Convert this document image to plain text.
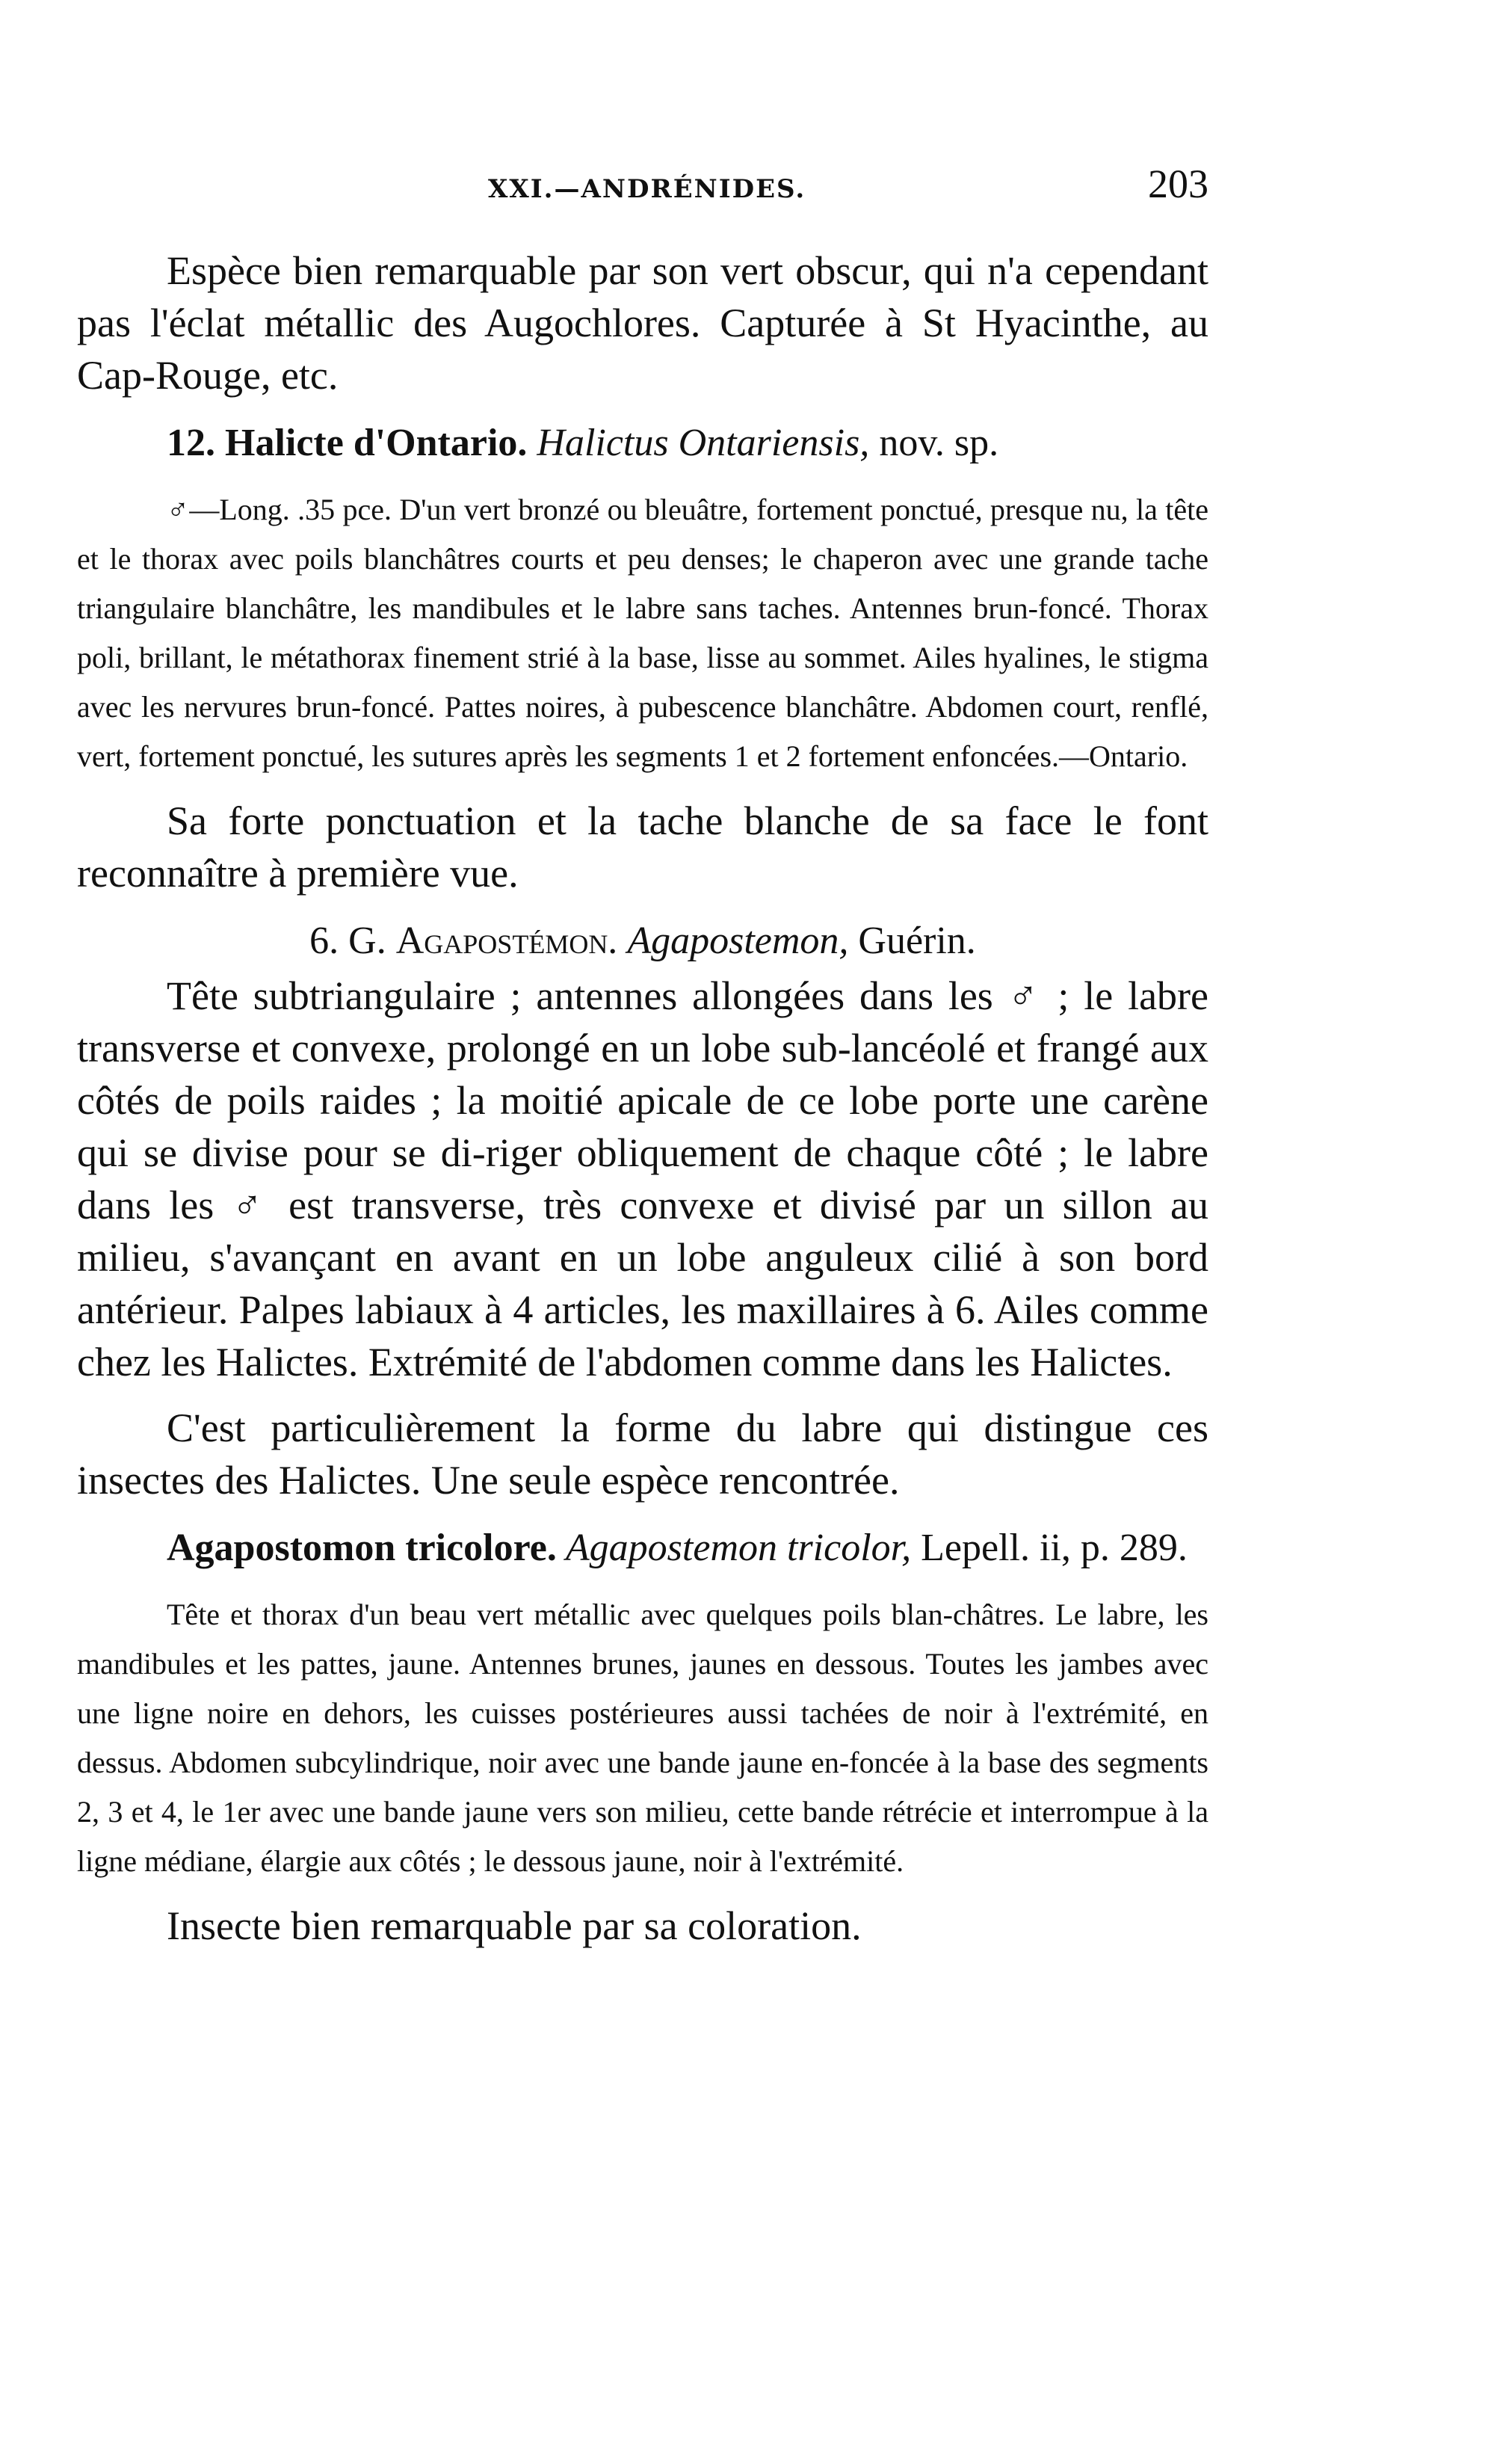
XXI.—ANDRÉNIDES.	203

Espèce bien remarquable par son vert obscur, qui n'a cependant pas l'éclat métallic des Augochlores. Capturée à St Hyacinthe, au Cap-Rouge, etc.

12. Halicte d'Ontario. Halictus Ontariensis, nov. sp.

♂—Long. .35 pce. D'un vert bronzé ou bleuâtre, fortement ponctué, presque nu, la tête et le thorax avec poils blanchâtres courts et peu denses; le chaperon avec une grande tache triangulaire blanchâtre, les mandibules et le labre sans taches. Antennes brun-foncé. Thorax poli, brillant, le métathorax finement strié à la base, lisse au sommet. Ailes hyalines, le stigma avec les nervures brun-foncé. Pattes noires, à pubescence blanchâtre. Abdomen court, renflé, vert, fortement ponctué, les sutures après les segments 1 et 2 fortement enfoncées.—Ontario.

Sa forte ponctuation et la tache blanche de sa face le font reconnaître à première vue.

6. G. Agapostémon. Agapostemon, Guérin.

Tête subtriangulaire ; antennes allongées dans les ♂ ; le labre transverse et convexe, prolongé en un lobe sub-lancéolé et frangé aux côtés de poils raides ; la moitié apicale de ce lobe porte une carène qui se divise pour se di-riger obliquement de chaque côté ; le labre dans les ♂ est transverse, très convexe et divisé par un sillon au milieu, s'avançant en avant en un lobe anguleux cilié à son bord antérieur. Palpes labiaux à 4 articles, les maxillaires à 6. Ailes comme chez les Halictes. Extrémité de l'abdomen comme dans les Halictes.

C'est particulièrement la forme du labre qui distingue ces insectes des Halictes. Une seule espèce rencontrée.

Agapostomon tricolore. Agapostemon tricolor, Lepell. ii, p. 289.

Tête et thorax d'un beau vert métallic avec quelques poils blan-châtres. Le labre, les mandibules et les pattes, jaune. Antennes brunes, jaunes en dessous. Toutes les jambes avec une ligne noire en dehors, les cuisses postérieures aussi tachées de noir à l'extrémité, en dessus. Abdomen subcylindrique, noir avec une bande jaune en-foncée à la base des segments 2, 3 et 4, le 1er avec une bande jaune vers son milieu, cette bande rétrécie et interrompue à la ligne médiane, élargie aux côtés ; le dessous jaune, noir à l'extrémité.

Insecte bien remarquable par sa coloration.
